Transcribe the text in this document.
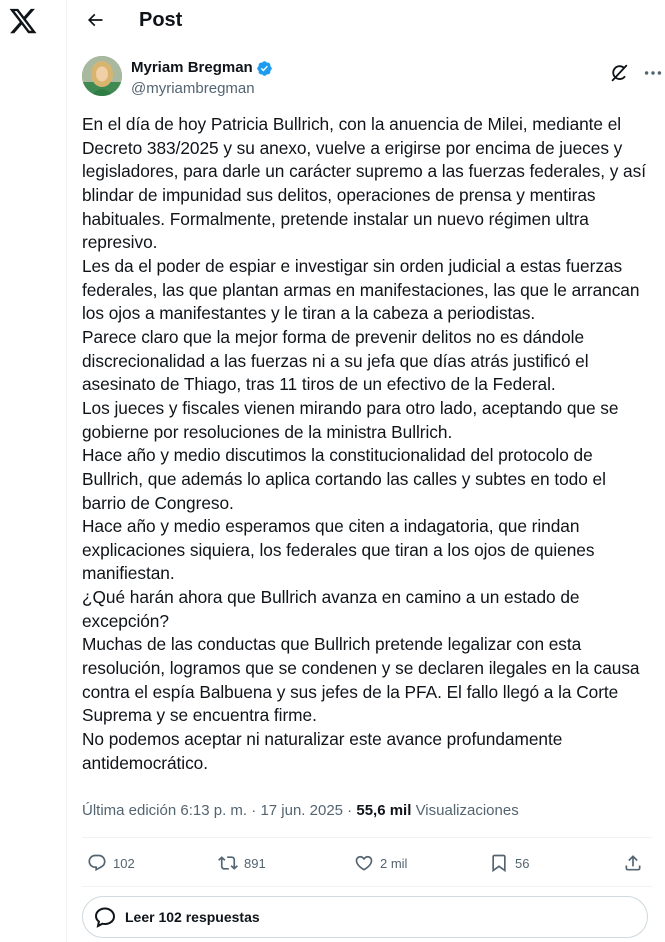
Post
Myriam Bregman
@myriambregman

En el día de hoy Patricia Bullrich, con la anuencia de Milei, mediante el Decreto 383/2025 y su anexo, vuelve a erigirse por encima de jueces y legisladores, para darle un carácter supremo a las fuerzas federales, y así blindar de impunidad sus delitos, operaciones de prensa y mentiras habituales. Formalmente, pretende instalar un nuevo régimen ultra represivo.

Les da el poder de espiar e investigar sin orden judicial a estas fuerzas federales, las que plantan armas en manifestaciones, las que le arrancan los ojos a manifestantes y le tiran a la cabeza a periodistas.

Parece claro que la mejor forma de prevenir delitos no es dándole discrecionalidad a las fuerzas ni a su jefa que días atrás justificó el asesinato de Thiago, tras 11 tiros de un efectivo de la Federal.

Los jueces y fiscales vienen mirando para otro lado, aceptando que se gobierne por resoluciones de la ministra Bullrich.

Hace año y medio discutimos la constitucionalidad del protocolo de Bullrich, que además lo aplica cortando las calles y subtes en todo el barrio de Congreso.

Hace año y medio esperamos que citen a indagatoria, que rindan explicaciones siquiera, los federales que tiran a los ojos de quienes manifiestan.

¿Qué harán ahora que Bullrich avanza en camino a un estado de excepción?

Muchas de las conductas que Bullrich pretende legalizar con esta resolución, logramos que se condenen y se declaren ilegales en la causa contra el espía Balbuena y sus jefes de la PFA. El fallo llegó a la Corte Suprema y se encuentra firme.

No podemos aceptar ni naturalizar este avance profundamente antidemocrático.

Última edición 6:13 p. m. · 17 jun. 2025 · 55,6 mil Visualizaciones
102	891	2 mil	56
Leer 102 respuestas
